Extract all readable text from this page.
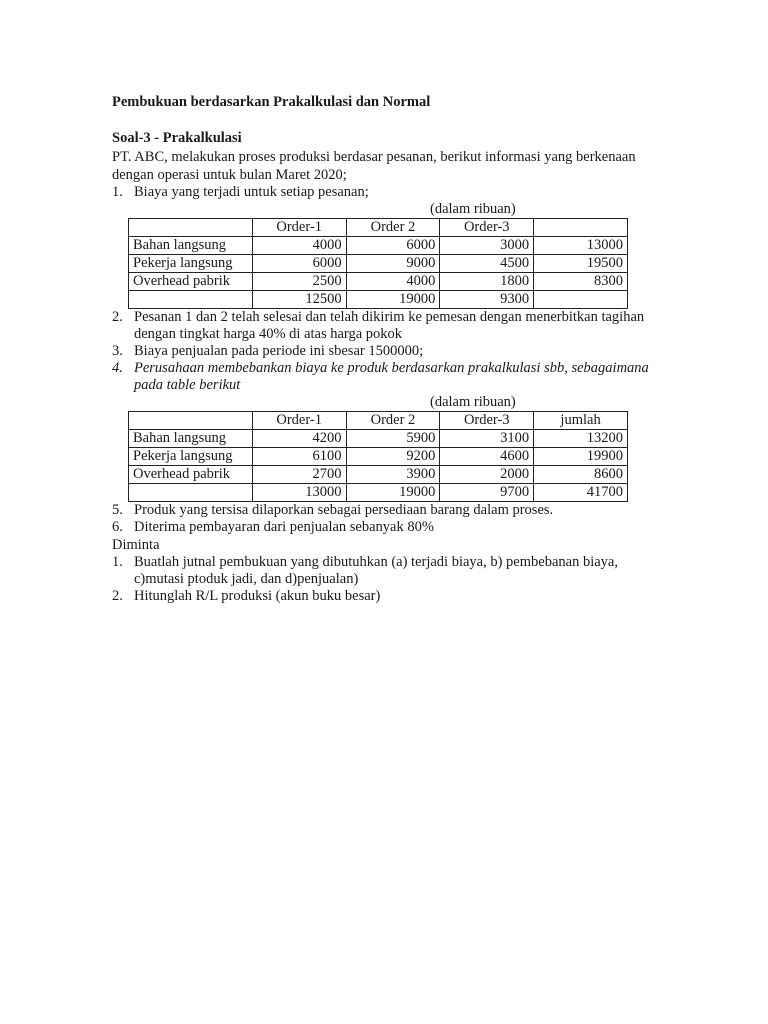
Pembukuan berdasarkan Prakalkulasi dan Normal

Soal-3 - Prakalkulasi
PT. ABC, melakukan proses produksi berdasar pesanan, berikut informasi yang berkenaan dengan operasi untuk bulan Maret 2020;
1. Biaya yang terjadi untuk setiap pesanan;
(dalam ribuan)
	Order-1	Order 2	Order-3	
Bahan langsung	4000	6000	3000	13000
Pekerja langsung	6000	9000	4500	19500
Overhead pabrik	2500	4000	1800	8300
	12500	19000	9300	
2. Pesanan 1 dan 2 telah selesai dan telah dikirim ke pemesan dengan menerbitkan tagihan dengan tingkat harga 40% di atas harga pokok
3. Biaya penjualan pada periode ini sbesar 1500000;
4. Perusahaan membebankan biaya ke produk berdasarkan prakalkulasi sbb, sebagaimana pada table berikut
(dalam ribuan)
	Order-1	Order 2	Order-3	jumlah
Bahan langsung	4200	5900	3100	13200
Pekerja langsung	6100	9200	4600	19900
Overhead pabrik	2700	3900	2000	8600
	13000	19000	9700	41700
5. Produk yang tersisa dilaporkan sebagai persediaan barang dalam proses.
6. Diterima pembayaran dari penjualan sebanyak 80%
Diminta
1. Buatlah jutnal pembukuan yang dibutuhkan (a) terjadi biaya, b) pembebanan biaya, c)mutasi ptoduk jadi, dan d)penjualan)
2. Hitunglah R/L produksi (akun buku besar)
